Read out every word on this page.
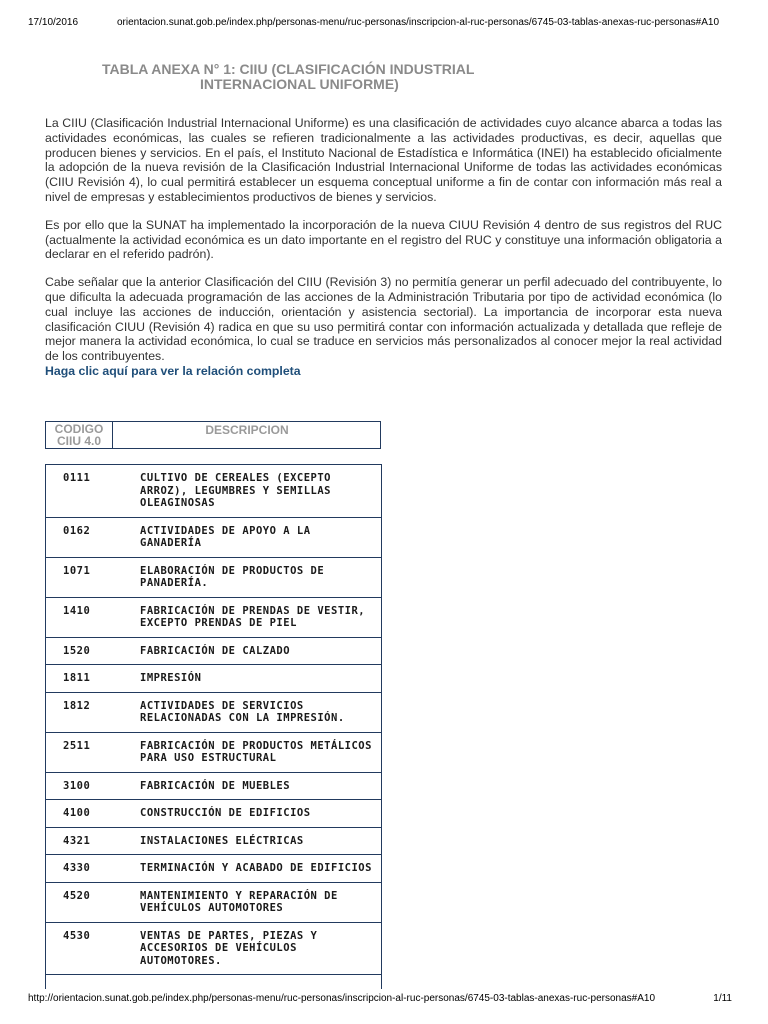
17/10/2016	orientacion.sunat.gob.pe/index.php/personas-menu/ruc-personas/inscripcion-al-ruc-personas/6745-03-tablas-anexas-ruc-personas#A10
TABLA ANEXA N° 1: CIIU (CLASIFICACIÓN INDUSTRIAL
INTERNACIONAL UNIFORME)

La CIIU (Clasificación Industrial Internacional Uniforme) es una clasificación de actividades cuyo alcance abarca a todas las actividades económicas, las cuales se refieren tradicionalmente a las actividades productivas, es decir, aquellas que producen bienes y servicios. En el país, el Instituto Nacional de Estadística e Informática (INEI) ha establecido oficialmente la adopción de la nueva revisión de la Clasificación Industrial Internacional Uniforme de todas las actividades económicas (CIIU Revisión 4), lo cual permitirá establecer un esquema conceptual uniforme a fin de contar con información más real a nivel de empresas y establecimientos productivos de bienes y servicios.

Es por ello que la SUNAT ha implementado la incorporación de la nueva CIUU Revisión 4 dentro de sus registros del RUC (actualmente la actividad económica es un dato importante en el registro del RUC y constituye una información obligatoria a declarar en el referido padrón).

Cabe señalar que la anterior Clasificación del CIIU (Revisión 3) no permitía generar un perfil adecuado del contribuyente, lo que dificulta la adecuada programación de las acciones de la Administración Tributaria por tipo de actividad económica (lo cual incluye las acciones de inducción, orientación y asistencia sectorial). La importancia de incorporar esta nueva clasificación CIUU (Revisión 4) radica en que su uso permitirá contar con información actualizada y detallada que refleje de mejor manera la actividad económica, lo cual se traduce en servicios más personalizados al conocer mejor la real actividad de los contribuyentes.

Haga clic aquí para ver la relación completa
CODIGO
CIIU 4.0
DESCRIPCION
0111	CULTIVO DE CEREALES (EXCEPTO ARROZ), LEGUMBRES Y SEMILLAS OLEAGINOSAS
0162	ACTIVIDADES DE APOYO A LA GANADERÍA
1071	ELABORACIÓN DE PRODUCTOS DE PANADERÍA.
1410	FABRICACIÓN DE PRENDAS DE VESTIR, EXCEPTO PRENDAS DE PIEL
1520	FABRICACIÓN DE CALZADO
1811	IMPRESIÓN
1812	ACTIVIDADES DE SERVICIOS RELACIONADAS CON LA IMPRESIÓN.
2511	FABRICACIÓN DE PRODUCTOS METÁLICOS PARA USO ESTRUCTURAL
3100	FABRICACIÓN DE MUEBLES
4100	CONSTRUCCIÓN DE EDIFICIOS
4321	INSTALACIONES ELÉCTRICAS
4330	TERMINACIÓN Y ACABADO DE EDIFICIOS
4520	MANTENIMIENTO Y REPARACIÓN DE VEHÍCULOS AUTOMOTORES
4530	VENTAS DE PARTES, PIEZAS Y ACCESORIOS DE VEHÍCULOS AUTOMOTORES.

http://orientacion.sunat.gob.pe/index.php/personas-menu/ruc-personas/inscripcion-al-ruc-personas/6745-03-tablas-anexas-ruc-personas#A10	1/11
